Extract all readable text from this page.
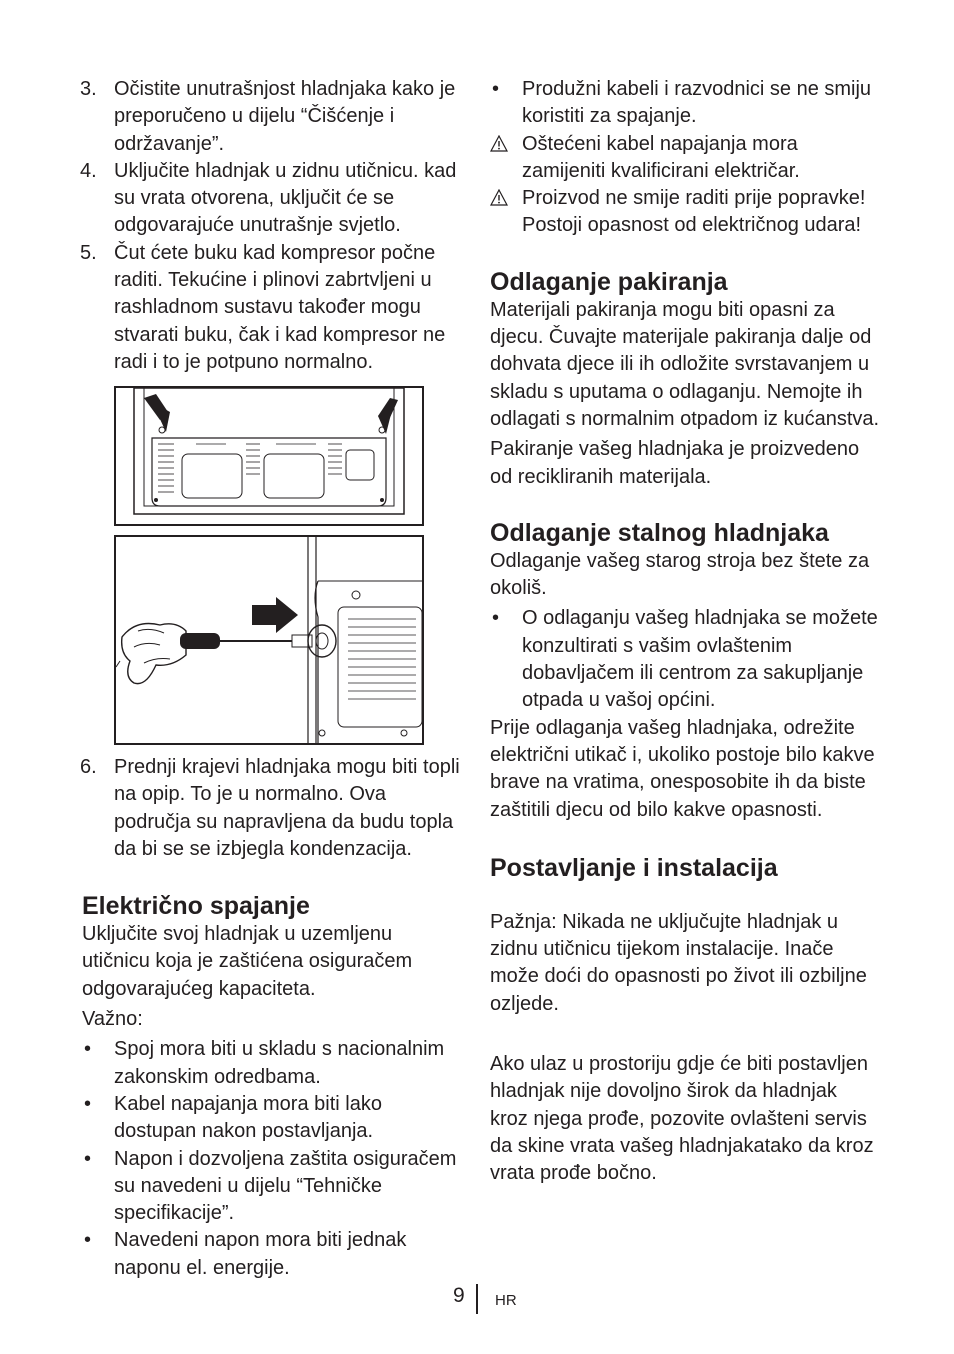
3. Očistite unutrašnjost hladnjaka kako je preporučeno u dijelu “Čišćenje i održavanje”.
4. Uključite hladnjak u zidnu utičnicu. kad su vrata otvorena, uključit će se odgovarajuće unutrašnje svjetlo.
5. Čut ćete buku kad kompresor počne raditi. Tekućine i plinovi zabrtvljeni u rashladnom sustavu također mogu stvarati buku, čak i kad kompresor ne radi i to je potpuno normalno.
6. Prednji krajevi hladnjaka mogu biti topli na opip. To je u normalno. Ova područja su napravljena da budu topla da bi se se izbjegla kondenzacija.
Električno spajanje

Uključite svoj hladnjak u uzemljenu utičnicu koja je zaštićena osiguračem odgovarajućeg kapaciteta.

Važno:

• Spoj mora biti u skladu s nacionalnim zakonskim odredbama.
• Kabel napajanja mora biti lako dostupan nakon postavljanja.
• Napon i dozvoljena zaštita osiguračem su navedeni u dijelu “Tehničke specifikacije”.
• Navedeni napon mora biti jednak naponu el. energije.
• Produžni kabeli i razvodnici se ne smiju koristiti za spajanje.
Oštećeni kabel napajanja mora zamijeniti kvalificirani električar.
Proizvod ne smije raditi prije popravke! Postoji opasnost od električnog udara!
Odlaganje pakiranja

Materijali pakiranja mogu biti opasni za djecu. Čuvajte materijale pakiranja dalje od dohvata djece ili ih odložite svrstavanjem u skladu s uputama o odlaganju. Nemojte ih odlagati s normalnim otpadom iz kućanstva.

Pakiranje vašeg hladnjaka je proizvedeno od recikliranih materijala.

Odlaganje stalnog hladnjaka

Odlaganje vašeg starog stroja bez štete za okoliš.

• O odlaganju vašeg hladnjaka se možete konzultirati s vašim ovlaštenim dobavljačem ili centrom za sakupljanje otpada u vašoj općini.

Prije odlaganja vašeg hladnjaka, odrežite električni utikač i, ukoliko postoje bilo kakve brave na vratima, onesposobite ih da biste zaštitili djecu od bilo kakve opasnosti.

Postavljanje i instalacija

Pažnja: Nikada ne uključujte hladnjak u zidnu utičnicu tijekom instalacije. Inače može doći do opasnosti po život ili ozbiljne ozljede.

Ako ulaz u prostoriju gdje će biti postavljen hladnjak nije dovoljno širok da hladnjak kroz njega prođe, pozovite ovlašteni servis da skine vrata vašeg hladnjakatako da kroz vrata prođe bočno.

9 HR
